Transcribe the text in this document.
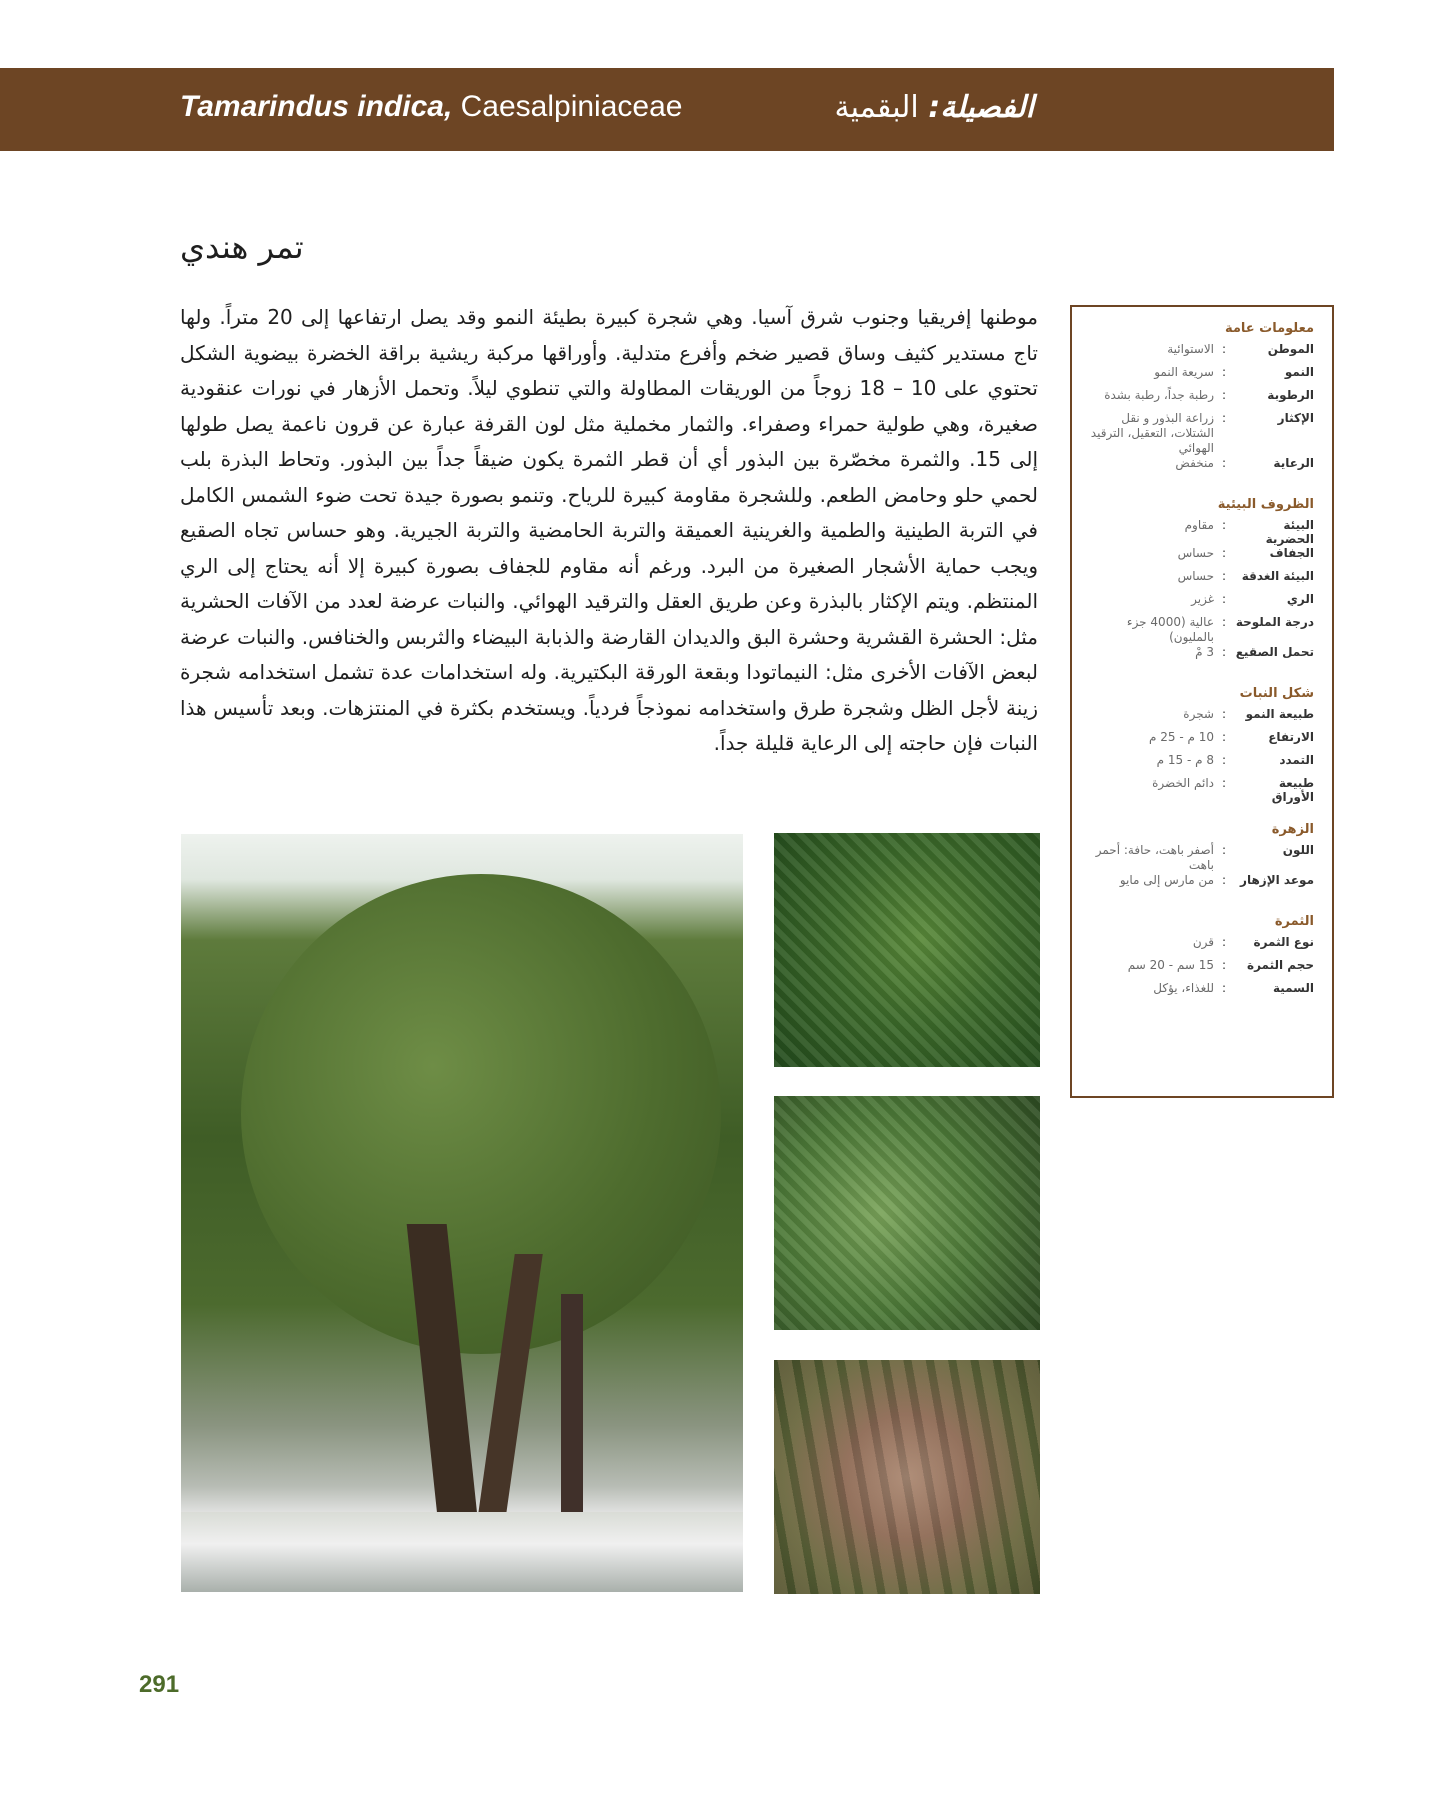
Tamarindus indica, Caesalpiniaceae	الفصيلة: البقمية
تمر هندي
موطنها إفريقيا وجنوب شرق آسيا. وهي شجرة كبيرة بطيئة النمو وقد يصل ارتفاعها إلى 20 متراً. ولها تاج مستدير كثيف وساق قصير ضخم وأفرع متدلية. وأوراقها مركبة ريشية براقة الخضرة بيضوية الشكل تحتوي على 10 – 18 زوجاً من الوريقات المطاولة والتي تنطوي ليلاً. وتحمل الأزهار في نورات عنقودية صغيرة، وهي طولية حمراء وصفراء. والثمار مخملية مثل لون القرفة عبارة عن قرون ناعمة يصل طولها إلى 15. والثمرة مخصّرة بين البذور أي أن قطر الثمرة يكون ضيقاً جداً بين البذور. وتحاط البذرة بلب لحمي حلو وحامض الطعم. وللشجرة مقاومة كبيرة للرياح. وتنمو بصورة جيدة تحت ضوء الشمس الكامل في التربة الطينية والطمية والغرينية العميقة والتربة الحامضية والتربة الجيرية. وهو حساس تجاه الصقيع ويجب حماية الأشجار الصغيرة من البرد. ورغم أنه مقاوم للجفاف بصورة كبيرة إلا أنه يحتاج إلى الري المنتظم. ويتم الإكثار بالبذرة وعن طريق العقل والترقيد الهوائي. والنبات عرضة لعدد من الآفات الحشرية مثل: الحشرة القشرية وحشرة البق والديدان القارضة والذبابة البيضاء والثربس والخنافس. والنبات عرضة لبعض الآفات الأخرى مثل: النيماتودا وبقعة الورقة البكتيرية. وله استخدامات عدة تشمل استخدامه شجرة زينة لأجل الظل وشجرة طرق واستخدامه نموذجاً فردياً. ويستخدم بكثرة في المنتزهات. وبعد تأسيس هذا النبات فإن حاجته إلى الرعاية قليلة جداً.
معلومات عامة
الموطن
:
الاستوائية
النمو
:
سريعة النمو
الرطوبة
:
رطبة جداً، رطبة بشدة
الإكثار
:
زراعة البذور و نقل الشتلات، التعقيل، الترقيد الهوائي
الرعاية
:
منخفض
الظروف البيئية
البيئة الحضرية
:
مقاوم
الجفاف
:
حساس
البيئة الغدقة
:
حساس
الري
:
غزير
درجة الملوحة
:
عالية (4000 جزء بالمليون)
تحمل الصقيع
:
3 مْ
شكل النبات
طبيعة النمو
:
شجرة
الارتفاع
:
10 م - 25 م
التمدد
:
8 م - 15 م
طبيعة الأوراق
:
دائم الخضرة
الزهرة
اللون
:
أصفر باهت، حافة: أحمر باهت
موعد الإزهار
:
من مارس إلى مايو
الثمرة
نوع الثمرة
:
قرن
حجم الثمرة
:
15 سم - 20 سم
السمية
:
للغذاء، يؤكل
291
